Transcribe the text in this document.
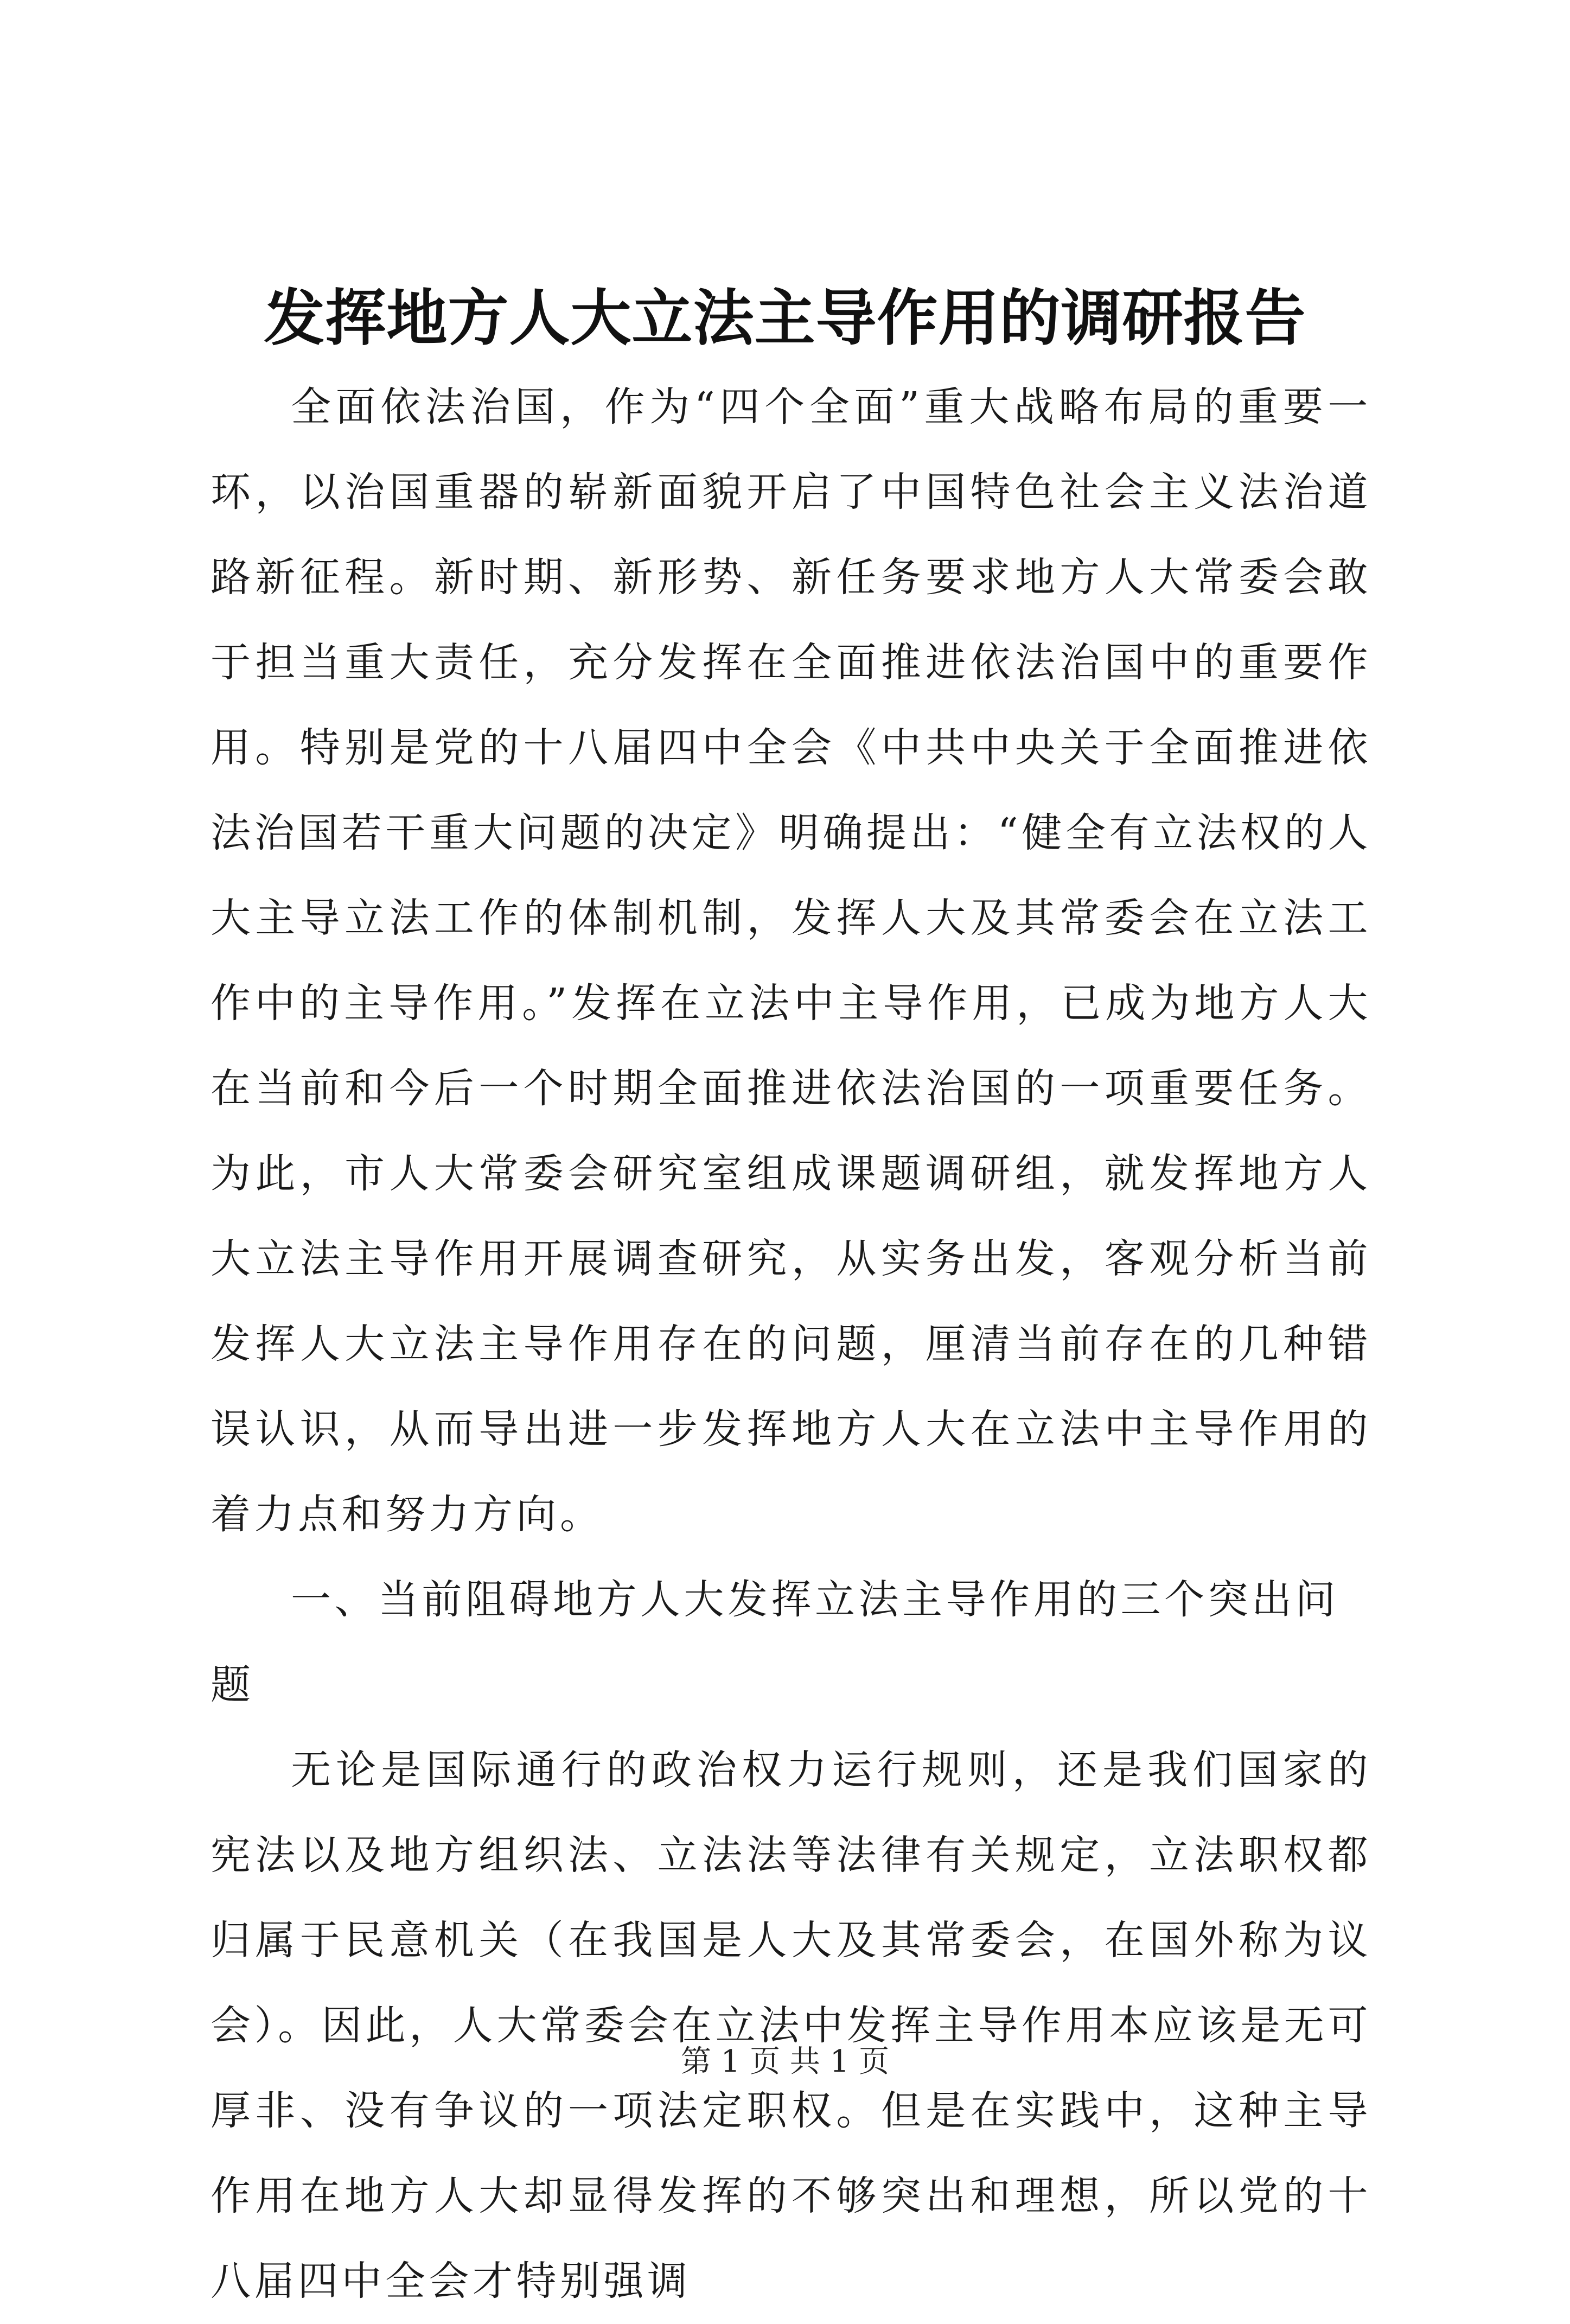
发挥地方人大立法主导作用的调研报告

全面依法治国，作为“四个全面”重大战略布局的重要一环，以治国重器的崭新面貌开启了中国特色社会主义法治道路新征程。新时期、新形势、新任务要求地方人大常委会敢于担当重大责任，充分发挥在全面推进依法治国中的重要作用。特别是党的十八届四中全会《中共中央关于全面推进依法治国若干重大问题的决定》明确提出：“健全有立法权的人大主导立法工作的体制机制，发挥人大及其常委会在立法工作中的主导作用。”发挥在立法中主导作用，已成为地方人大在当前和今后一个时期全面推进依法治国的一项重要任务。为此，市人大常委会研究室组成课题调研组，就发挥地方人大立法主导作用开展调查研究，从实务出发，客观分析当前发挥人大立法主导作用存在的问题，厘清当前存在的几种错误认识，从而导出进一步发挥地方人大在立法中主导作用的着力点和努力方向。

一、当前阻碍地方人大发挥立法主导作用的三个突出问题

无论是国际通行的政治权力运行规则，还是我们国家的宪法以及地方组织法、立法法等法律有关规定，立法职权都归属于民意机关（在我国是人大及其常委会，在国外称为议会）。因此，人大常委会在立法中发挥主导作用本应该是无可厚非、没有争议的一项法定职权。但是在实践中，这种主导作用在地方人大却显得发挥的不够突出和理想，所以党的十八届四中全会才特别强调

第 1 页 共 1 页
